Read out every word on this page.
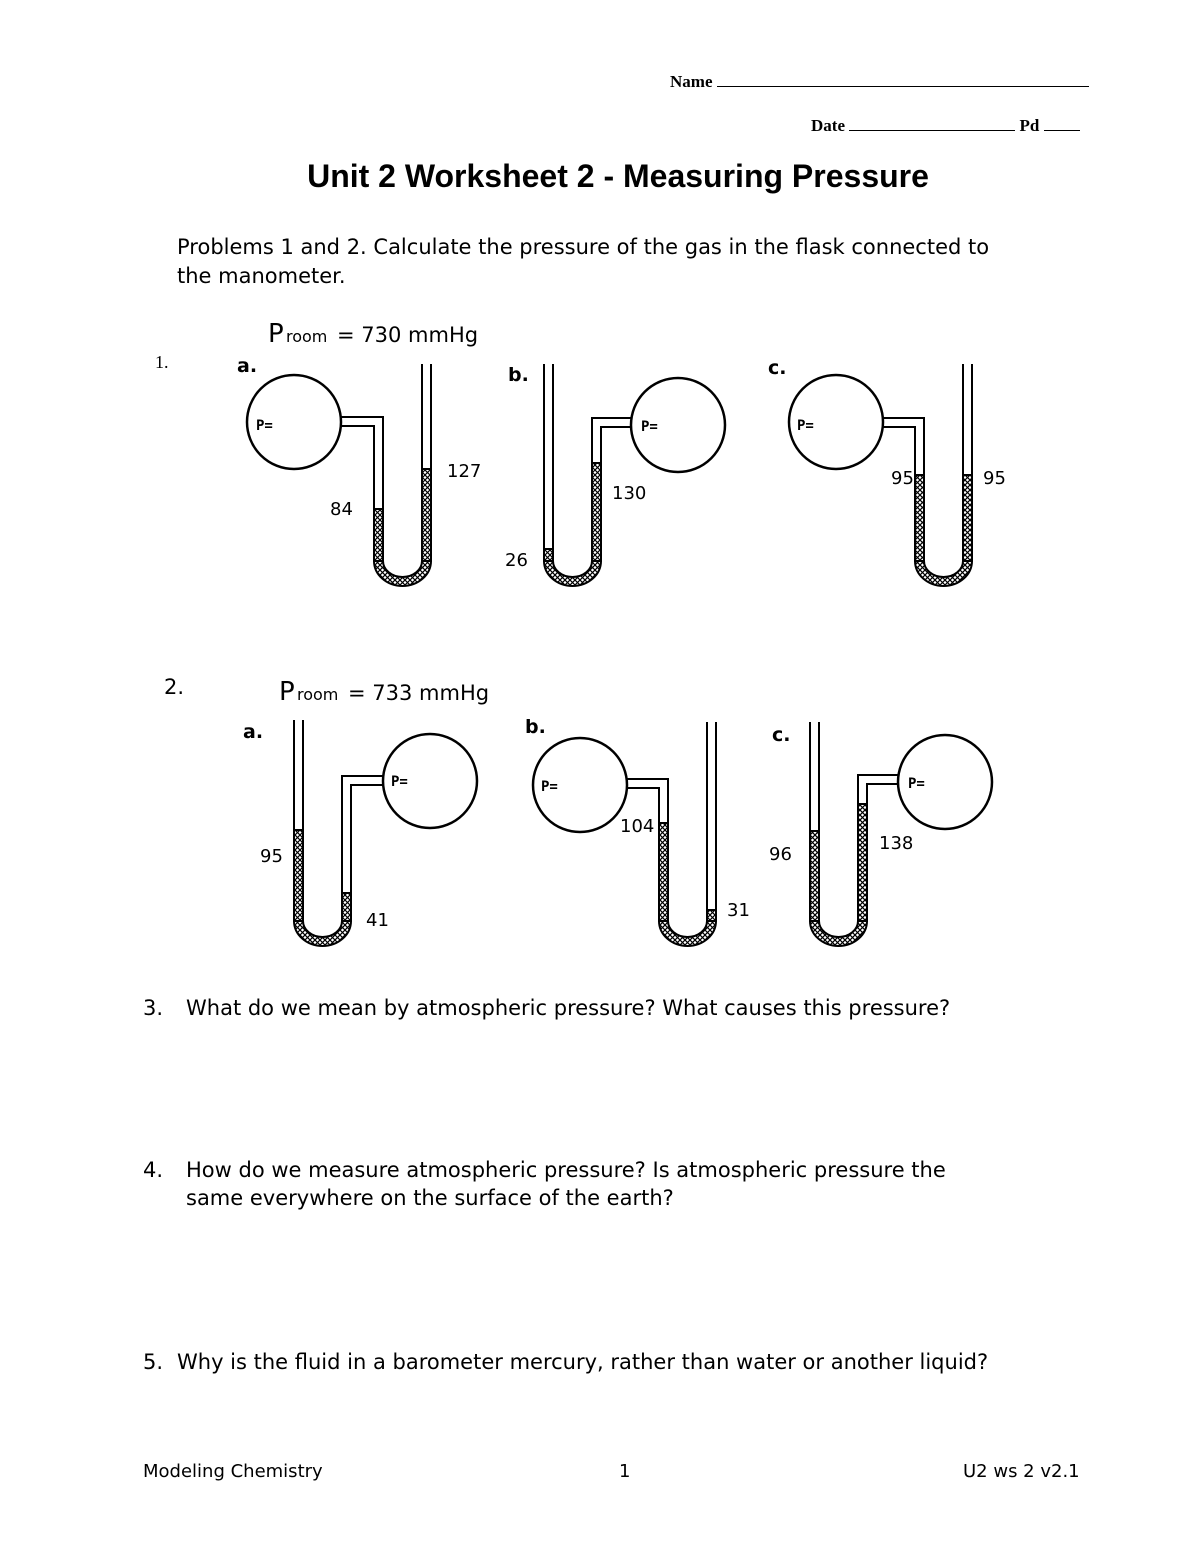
Name
Date	Pd
Unit 2 Worksheet 2 - Measuring Pressure
Problems 1 and 2. Calculate the pressure of the gas in the flask connected to
the manometer.
1.
P room = 730 mmHg
a.
P=
84
127
b.
P=
26
130
c.
P=
95	95
2.	P room = 733 mmHg
a.
P=
95
41
b.
P=
104
31
c.
P=
96
138
3. What do we mean by atmospheric pressure? What causes this pressure?
4. How do we measure atmospheric pressure? Is atmospheric pressure the
same everywhere on the surface of the earth?
5. Why is the fluid in a barometer mercury, rather than water or another liquid?
Modeling Chemistry	1	U2 ws 2 v2.1
